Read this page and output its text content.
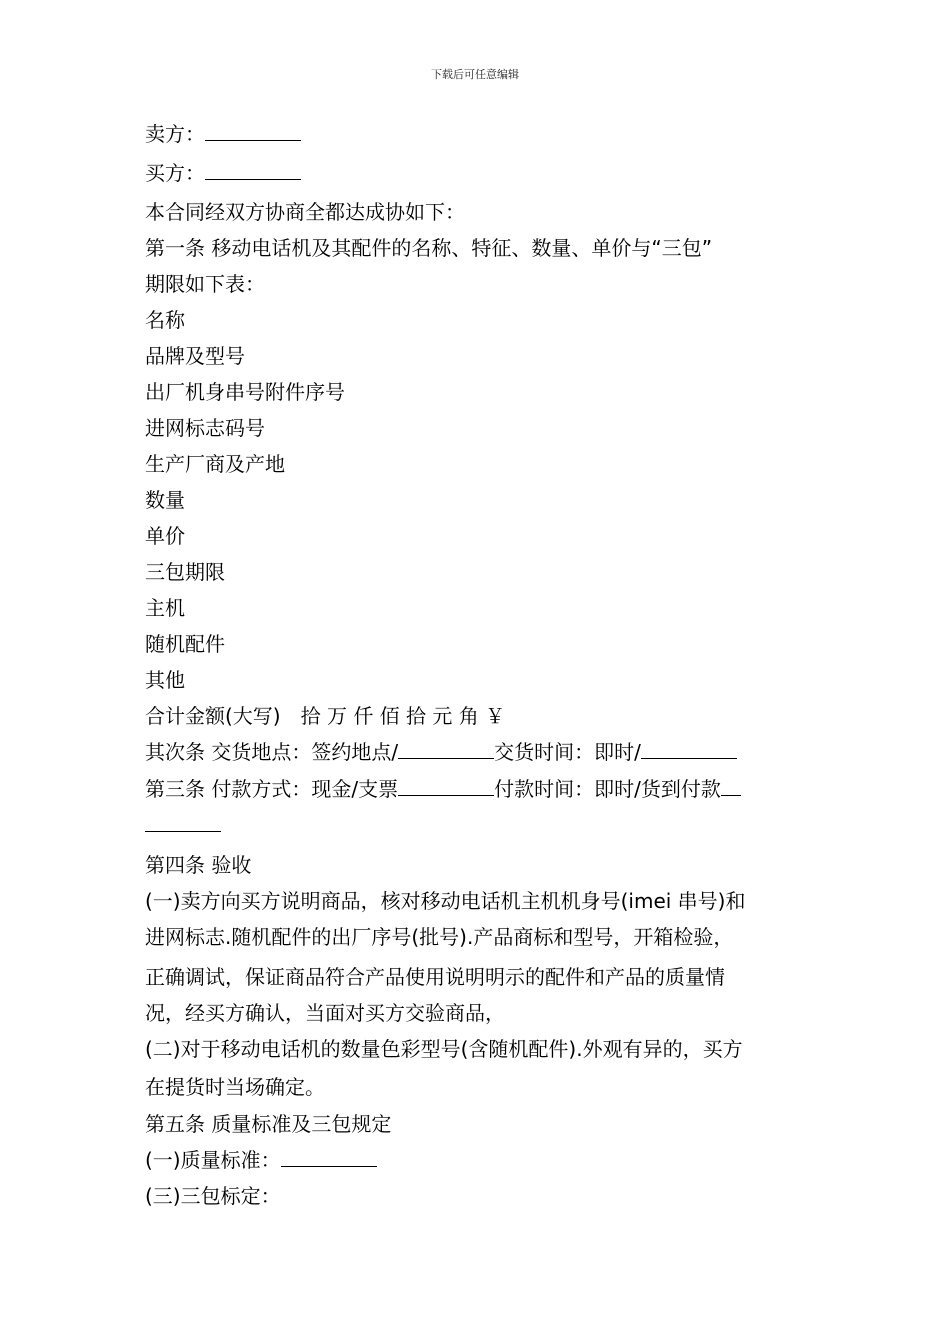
下载后可任意编辑
卖方：
买方：
本合同经双方协商全都达成协如下：
第一条 移动电话机及其配件的名称、特征、数量、单价与“三包”
期限如下表：
名称
品牌及型号
出厂机身串号附件序号
进网标志码号
生产厂商及产地
数量
单价
三包期限
主机
随机配件
其他
合计金额(大写)　拾 万 仟 佰 拾 元 角 ￥
其次条 交货地点：签约地点/	交货时间：即时/
第三条 付款方式：现金/支票	付款时间：即时/货到付款
第四条 验收
(一)卖方向买方说明商品，核对移动电话机主机机身号(imei 串号)和
进网标志.随机配件的出厂序号(批号).产品商标和型号，开箱检验，
正确调试，保证商品符合产品使用说明明示的配件和产品的质量情
况，经买方确认，当面对买方交验商品，
(二)对于移动电话机的数量色彩型号(含随机配件).外观有异的，买方
在提货时当场确定。
第五条 质量标准及三包规定
(一)质量标准：
(三)三包标定：
